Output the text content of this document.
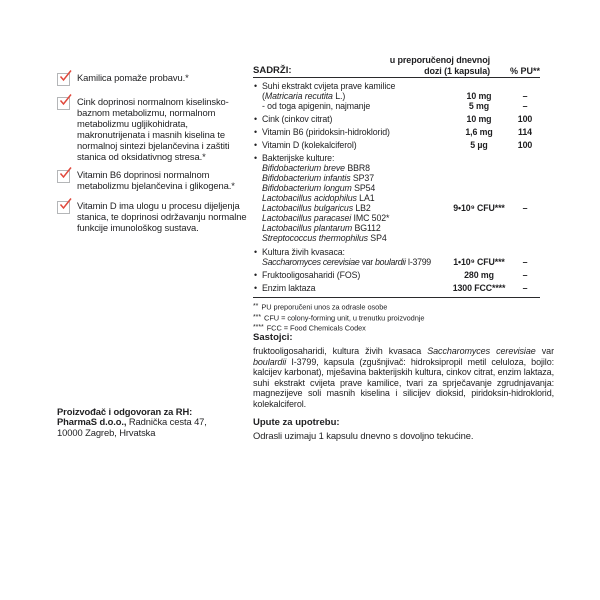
Kamilica pomaže probavu.*
Cink doprinosi normalnom kiselinsko-baznom metabolizmu, normalnom metabolizmu ugljikohidrata, makronutrijenata i masnih kiselina te normalnoj sintezi bjelančevina i zaštiti stanica od oksidativnog stresa.*
Vitamin B6 doprinosi normalnom metabolizmu bjelančevina i glikogena.*
Vitamin D ima ulogu u procesu dijeljenja stanica, te doprinosi održavanju normalne funkcije imunološkog sustava.
SADRŽI:
u preporučenoj dnevnoj
dozi (1 kapsula) % PU**
• Suhi ekstrakt cvijeta prave kamilice
(Matricaria recutita L.)	10 mg	–
- od toga apigenin, najmanje	5 mg	–
• Cink (cinkov citrat)	10 mg	100
• Vitamin B6 (piridoksin-hidroklorid)	1,6 mg	114
• Vitamin D (kolekalciferol)	5 µg	100
• Bakterijske kulture:
Bifidobacterium breve BBR8
Bifidobacterium infantis SP37
Bifidobacterium longum SP54
Lactobacillus acidophilus LA1
Lactobacillus bulgaricus LB2	9•10⁹ CFU***	–
Lactobacillus paracasei IMC 502*
Lactobacillus plantarum BG112
Streptococcus thermophilus SP4
• Kultura živih kvasaca:
Saccharomyces cerevisiae var boulardii I-3799	1•10⁹ CFU***	–
• Fruktooligosaharidi (FOS)	280 mg	–
• Enzim laktaza	1300 FCC****	–
** PU preporučeni unos za odrasle osobe
*** CFU = colony-forming unit, u trenutku proizvodnje
**** FCC = Food Chemicals Codex
Sastojci:
fruktooligosaharidi, kultura živih kvasaca Saccharomyces cerevisiae var boulardii I-3799, kapsula (zgušnjivač: hidroksipropil metil celuloza, bojilo: kalcijev karbonat), mješavina bakterijskih kultura, cinkov citrat, enzim laktaza, suhi ekstrakt cvijeta prave kamilice, tvari za sprječavanje zgrudnjavanja: magnezijeve soli masnih kiselina i silicijev dioksid, piridoksin-hidroklorid, kolekalciferol.
Upute za upotrebu:
Odrasli uzimaju 1 kapsulu dnevno s dovoljno tekućine.
Proizvođač i odgovoran za RH:
PharmaS d.o.o., Radnička cesta 47,
10000 Zagreb, Hrvatska
